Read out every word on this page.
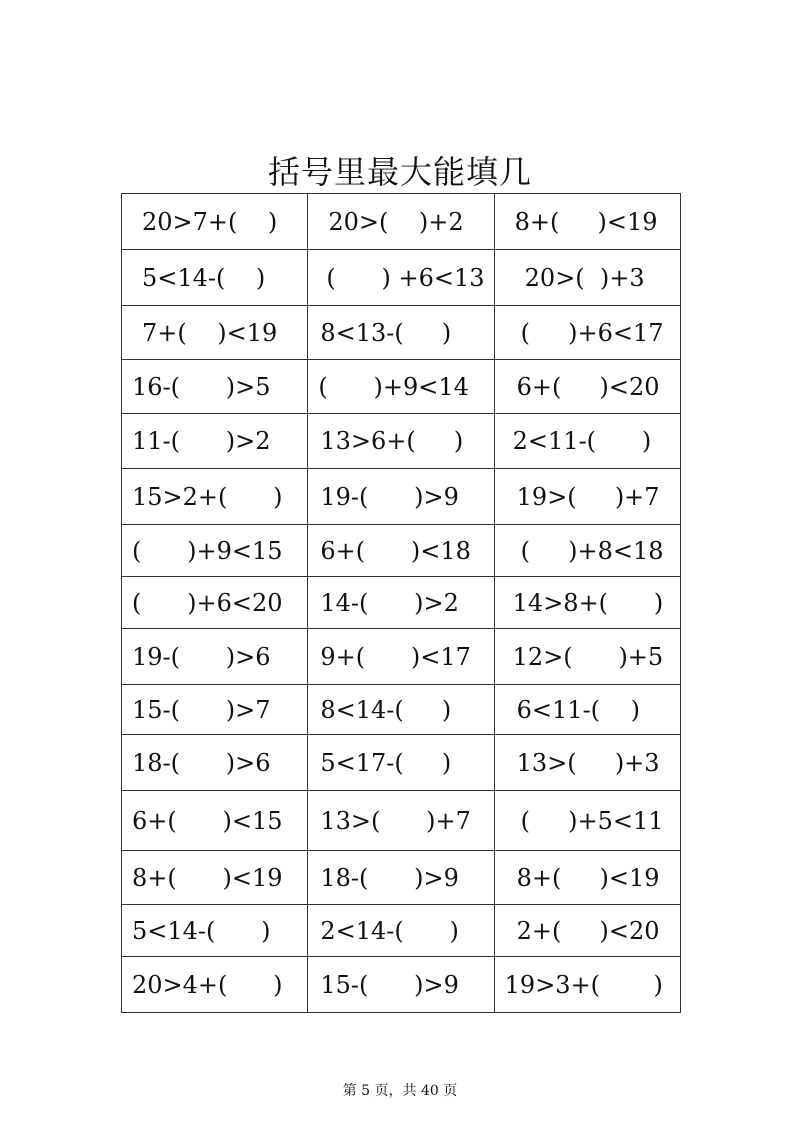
括号里最大能填几
20>7+(    )	20>(    )+2	8+(     )<19
5<14-(    )	(      ) +6<13	20>(  )+3
7+(    )<19	8<13-(     )	(     )+6<17
16-(      )>5	(      )+9<14	6+(     )<20
11-(      )>2	13>6+(     )	2<11-(      )
15>2+(      )	19-(      )>9	19>(     )+7
(      )+9<15	6+(      )<18	(     )+8<18
(      )+6<20	14-(      )>2	14>8+(      )
19-(      )>6	9+(      )<17	12>(      )+5
15-(      )>7	8<14-(     )	6<11-(    )
18-(      )>6	5<17-(     )	13>(     )+3
6+(      )<15	13>(      )+7	(     )+5<11
8+(      )<19	18-(      )>9	8+(     )<19
5<14-(      )	2<14-(      )	2+(     )<20
20>4+(      )	15-(      )>9	19>3+(       )
第 5 页，共 40 页
